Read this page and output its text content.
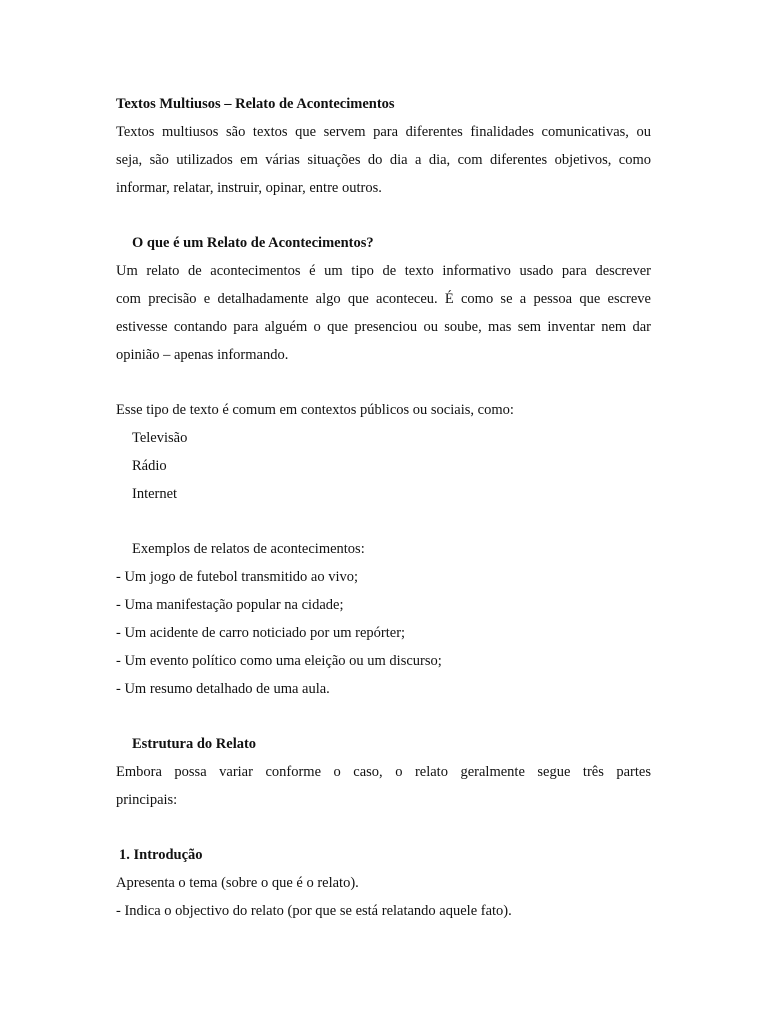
Textos Multiusos – Relato de Acontecimentos
Textos multiusos são textos que servem para diferentes finalidades comunicativas, ou
seja, são utilizados em várias situações do dia a dia, com diferentes objetivos, como
informar, relatar, instruir, opinar, entre outros.
O que é um Relato de Acontecimentos?
Um relato de acontecimentos é um tipo de texto informativo usado para descrever
com precisão e detalhadamente algo que aconteceu. É como se a pessoa que escreve
estivesse contando para alguém o que presenciou ou soube, mas sem inventar nem dar
opinião – apenas informando.
Esse tipo de texto é comum em contextos públicos ou sociais, como:
Televisão
Rádio
Internet
Exemplos de relatos de acontecimentos:
- Um jogo de futebol transmitido ao vivo;
- Uma manifestação popular na cidade;
- Um acidente de carro noticiado por um repórter;
- Um evento político como uma eleição ou um discurso;
- Um resumo detalhado de uma aula.
Estrutura do Relato
Embora possa variar conforme o caso, o relato geralmente segue três partes
principais:
1. Introdução
Apresenta o tema (sobre o que é o relato).
- Indica o objectivo do relato (por que se está relatando aquele fato).
